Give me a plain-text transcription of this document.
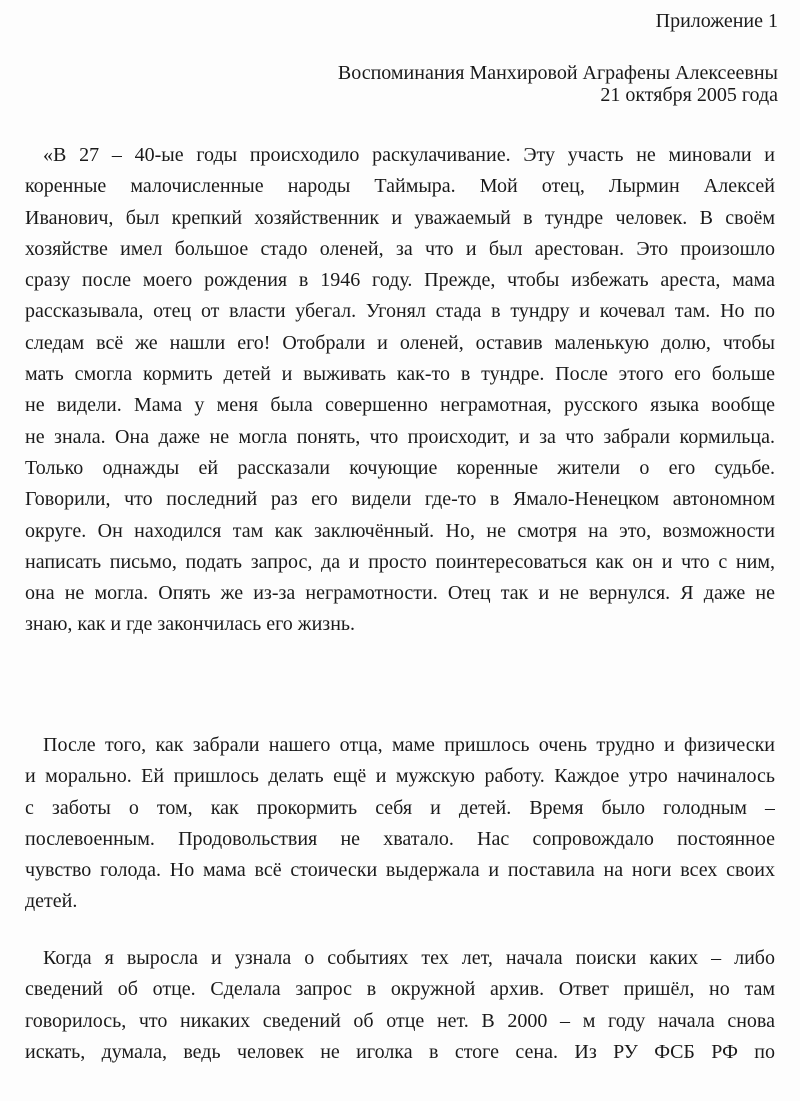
Приложение 1
Воспоминания Манхировой Аграфены Алексеевны
21 октября 2005 года
«В 27 – 40-ые годы происходило раскулачивание. Эту участь не миновали и
коренные малочисленные народы Таймыра. Мой отец, Лырмин Алексей
Иванович, был крепкий хозяйственник и уважаемый в тундре человек. В своём
хозяйстве имел большое стадо оленей, за что и был арестован. Это произошло
сразу после моего рождения в 1946 году. Прежде, чтобы избежать ареста, мама
рассказывала, отец от власти убегал. Угонял стада в тундру и кочевал там. Но по
следам всё же нашли его! Отобрали и оленей, оставив маленькую долю, чтобы
мать смогла кормить детей и выживать как-то в тундре. После этого его больше
не видели. Мама у меня была совершенно неграмотная, русского языка вообще
не знала. Она даже не могла понять, что происходит, и за что забрали кормильца.
Только однажды ей рассказали кочующие коренные жители о его судьбе.
Говорили, что последний раз его видели где-то в Ямало-Ненецком автономном
округе. Он находился там как заключённый. Но, не смотря на это, возможности
написать письмо, подать запрос, да и просто поинтересоваться как он и что с ним,
она не могла. Опять же из-за неграмотности. Отец так и не вернулся. Я даже не
знаю, как и где закончилась его жизнь.
После того, как забрали нашего отца, маме пришлось очень трудно и физически
и морально. Ей пришлось делать ещё и мужскую работу. Каждое утро начиналось
с заботы о том, как прокормить себя и детей. Время было голодным –
послевоенным. Продовольствия не хватало. Нас сопровождало постоянное
чувство голода. Но мама всё стоически выдержала и поставила на ноги всех своих
детей.
Когда я выросла и узнала о событиях тех лет, начала поиски каких – либо
сведений об отце. Сделала запрос в окружной архив. Ответ пришёл, но там
говорилось, что никаких сведений об отце нет. В 2000 – м году начала снова
искать, думала, ведь человек не иголка в стоге сена. Из РУ ФСБ РФ по
